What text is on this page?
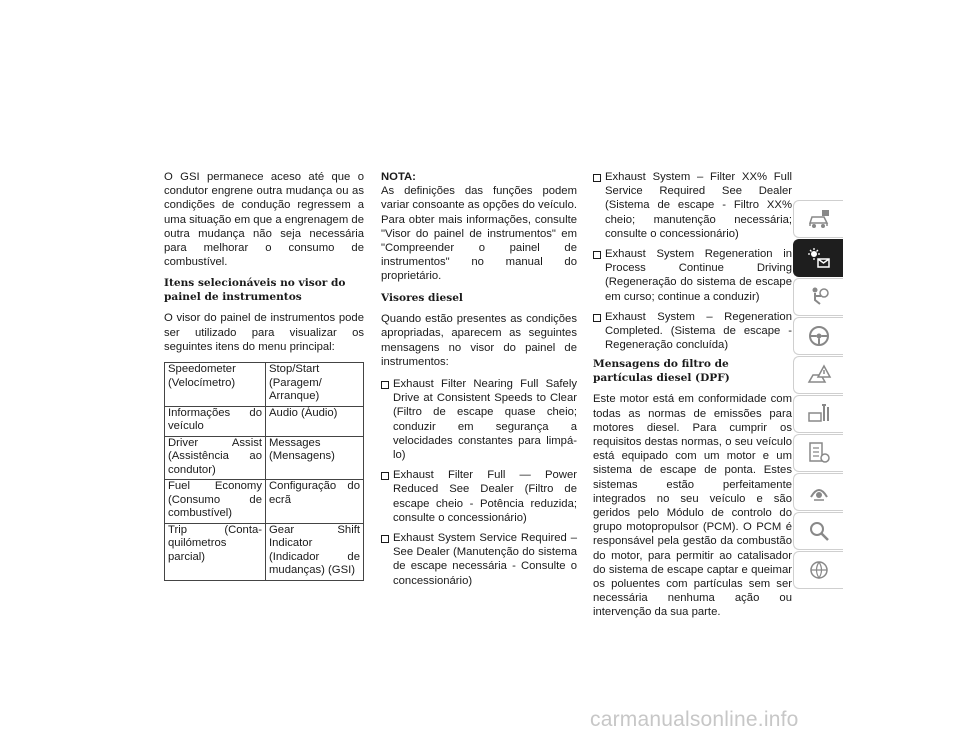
O GSI permanece aceso até que o condutor engrene outra mudança ou as condições de condução regressem a uma situação em que a engrenagem de outra mudança não seja necessária para melhorar o consumo de combustível.

Itens selecionáveis no visor do painel de instrumentos

O visor do painel de instrumentos pode ser utilizado para visualizar os seguintes itens do menu principal:

Speedometer (Velocímetro)	Stop/Start (Paragem/ Arranque)
Informações do veículo	Audio (Áudio)
Driver Assist (Assistência ao condutor)	Messages (Mensagens)
Fuel Economy (Consumo de combustível)	Configuração do ecrã
Trip (Conta-quilómetros parcial)	Gear Shift Indicator (Indicador de mudanças) (GSI)

NOTA:
As definições das funções podem variar consoante as opções do veículo. Para obter mais informações, consulte "Visor do painel de instrumentos" em "Compreender o painel de instrumentos" no manual do proprietário.

Visores diesel

Quando estão presentes as condições apropriadas, aparecem as seguintes mensagens no visor do painel de instrumentos:

Exhaust Filter Nearing Full Safely Drive at Consistent Speeds to Clear (Filtro de escape quase cheio; conduzir em segurança a velocidades constantes para limpá-lo)
Exhaust Filter Full — Power Reduced See Dealer (Filtro de escape cheio - Potência reduzida; consulte o concessionário)
Exhaust System Service Required – See Dealer (Manutenção do sistema de escape necessária - Consulte o concessionário)
Exhaust System – Filter XX% Full Service Required See Dealer (Sistema de escape - Filtro XX% cheio; manutenção necessária; consulte o concessionário)
Exhaust System Regeneration in Process Continue Driving (Regeneração do sistema de escape em curso; continue a conduzir)
Exhaust System – Regeneration Completed. (Sistema de escape - Regeneração concluída)
Mensagens do filtro de partículas diesel (DPF)

Este motor está em conformidade com todas as normas de emissões para motores diesel. Para cumprir os requisitos destas normas, o seu veículo está equipado com um motor e um sistema de escape de ponta. Estes sistemas estão perfeitamente integrados no seu veículo e são geridos pelo Módulo de controlo do grupo motopropulsor (PCM). O PCM é responsável pela gestão da combustão do motor, para permitir ao catalisador do sistema de escape captar e queimar os poluentes com partículas sem ser necessária nenhuma ação ou intervenção da sua parte.

carmanualsonline.info
